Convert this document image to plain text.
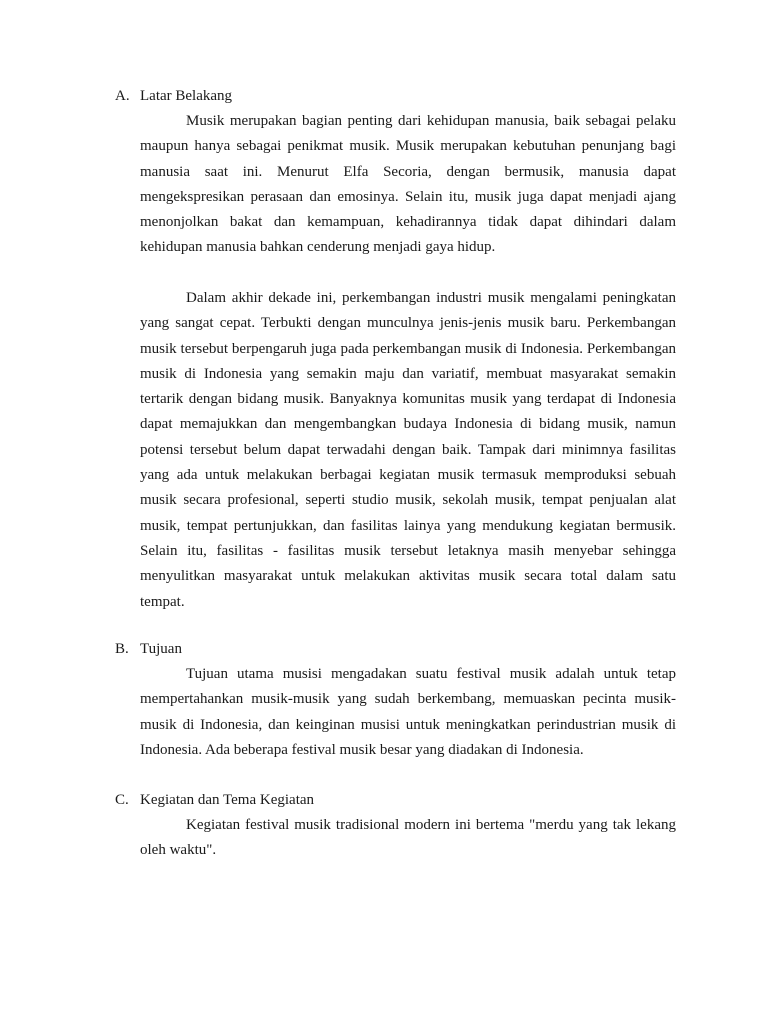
A. Latar Belakang

Musik merupakan bagian penting dari kehidupan manusia, baik sebagai pelaku maupun hanya sebagai penikmat musik. Musik merupakan kebutuhan penunjang bagi manusia saat ini. Menurut Elfa Secoria, dengan bermusik, manusia dapat mengekspresikan perasaan dan emosinya. Selain itu, musik juga dapat menjadi ajang menonjolkan bakat dan kemampuan, kehadirannya tidak dapat dihindari dalam kehidupan manusia bahkan cenderung menjadi gaya hidup.

Dalam akhir dekade ini, perkembangan industri musik mengalami peningkatan yang sangat cepat. Terbukti dengan munculnya jenis-jenis musik baru. Perkembangan musik tersebut berpengaruh juga pada perkembangan musik di Indonesia. Perkembangan musik di Indonesia yang semakin maju dan variatif, membuat masyarakat semakin tertarik dengan bidang musik. Banyaknya komunitas musik yang terdapat di Indonesia dapat memajukkan dan mengembangkan budaya Indonesia di bidang musik, namun potensi tersebut belum dapat terwadahi dengan baik. Tampak dari minimnya fasilitas yang ada untuk melakukan berbagai kegiatan musik termasuk memproduksi sebuah musik secara profesional, seperti studio musik, sekolah musik, tempat penjualan alat musik, tempat pertunjukkan, dan fasilitas lainya yang mendukung kegiatan bermusik. Selain itu, fasilitas - fasilitas musik tersebut letaknya masih menyebar sehingga menyulitkan masyarakat untuk melakukan aktivitas musik secara total dalam satu tempat.

B. Tujuan

Tujuan utama musisi mengadakan suatu festival musik adalah untuk tetap mempertahankan musik-musik yang sudah berkembang, memuaskan pecinta musik-musik di Indonesia, dan keinginan musisi untuk meningkatkan perindustrian musik di Indonesia. Ada beberapa festival musik besar yang diadakan di Indonesia.

C. Kegiatan dan Tema Kegiatan

Kegiatan festival musik tradisional modern ini bertema "merdu yang tak lekang oleh waktu".
